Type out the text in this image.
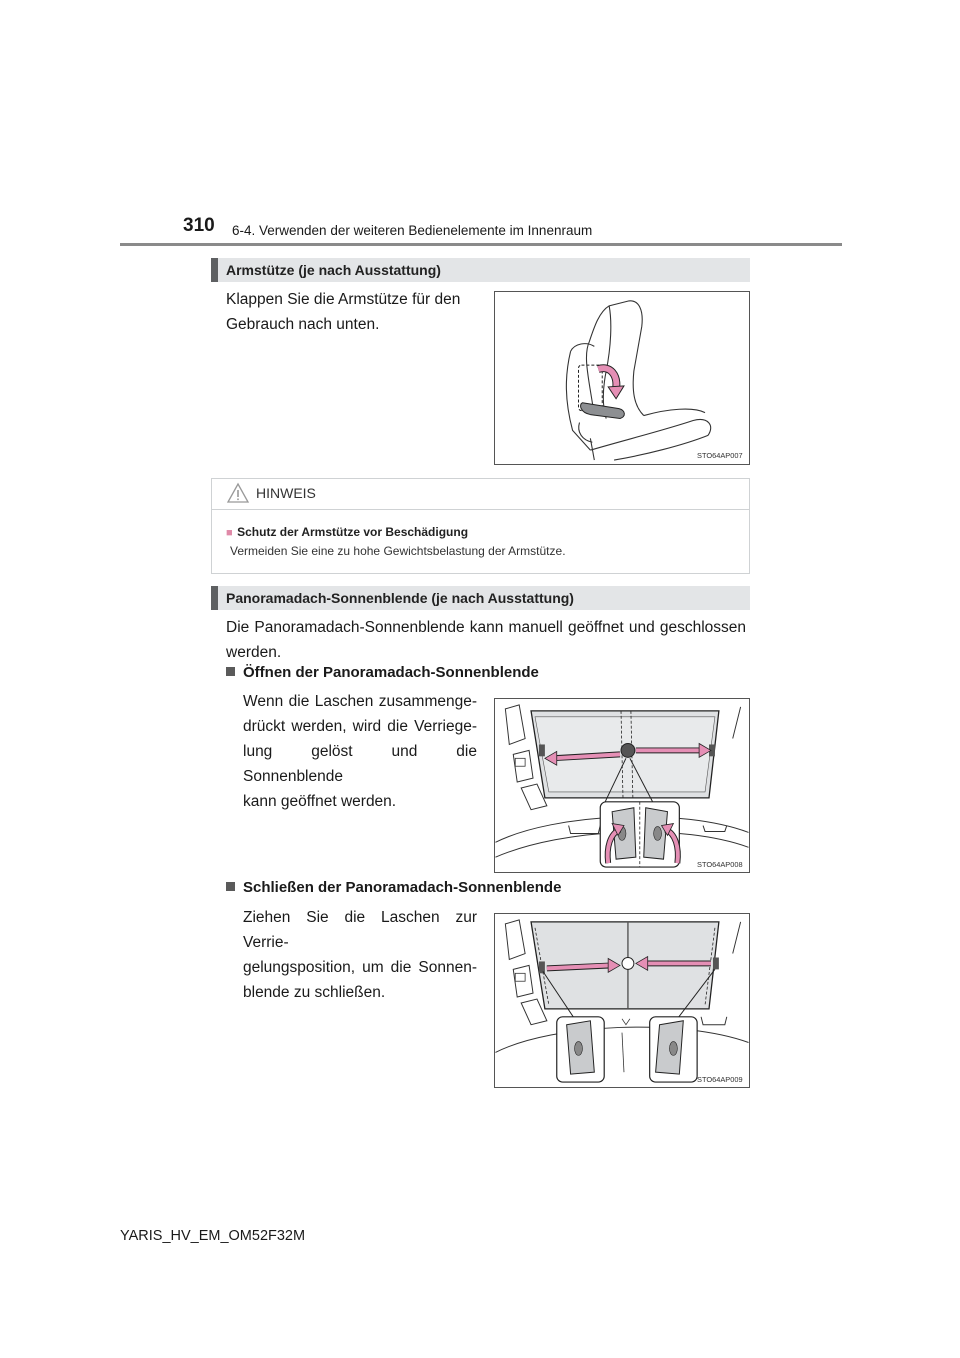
310 6-4. Verwenden der weiteren Bedienelemente im Innenraum
Armstütze (je nach Ausstattung)
Klappen Sie die Armstütze für den
Gebrauch nach unten.
STO64AP007
HINWEIS
■ Schutz der Armstütze vor Beschädigung
Vermeiden Sie eine zu hohe Gewichtsbelastung der Armstütze.
Panoramadach-Sonnenblende (je nach Ausstattung)
Die Panoramadach-Sonnenblende kann manuell geöffnet und geschlossen
werden.
Öffnen der Panoramadach-Sonnenblende
Wenn die Laschen zusammenge-
drückt werden, wird die Verriege-
lung gelöst und die Sonnenblende
kann geöffnet werden.
STO64AP008
Schließen der Panoramadach-Sonnenblende
Ziehen Sie die Laschen zur Verrie-
gelungsposition, um die Sonnen-
blende zu schließen.
STO64AP009
YARIS_HV_EM_OM52F32M
